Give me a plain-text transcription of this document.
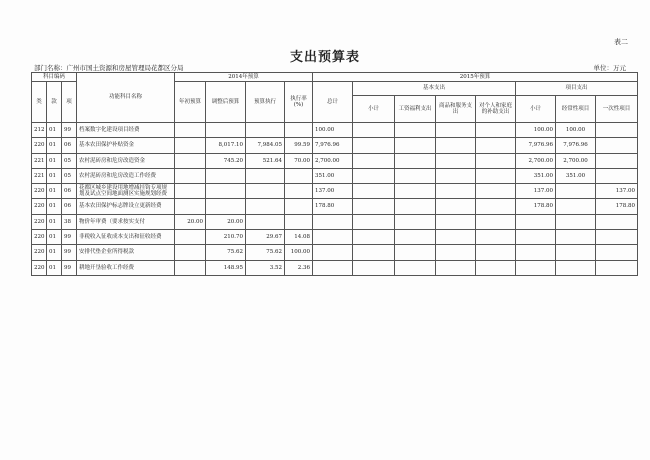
表二
支出预算表
部门名称：广州市国土资源和房屋管理局花都区分局	单位：万元
科目编码			功能科目名称	2014年预算				2015年预算							
类	款	项		年初预算	调整后预算	预算执行	执行率(%)	总计	基本支出				项目支出		
									小计	工资福利支出	商品和服务支出	对个人和家庭的补助支出	小计	经常性项目	一次性项目
212	01	99	档案数字化建设项目经费					100.00					100.00	100.00	
220	01	06	基本农田保护补贴资金		8,017.10	7,984.05	99.59	7,976.96					7,976.96	7,976.96	
221	01	05	农村泥砖房和危房改造资金		745.20	521.64	70.00	2,700.00					2,700.00	2,700.00	
221	01	05	农村泥砖房和危房改造工作经费					351.00					351.00	351.00	
220	01	06	花都区城乡建设用地增减挂钩专项规划及试点空间地面测区实施规划经费					137.00					137.00		137.00
220	01	06	基本农田保护标志牌设立更新经费					178.80					178.80		178.80
220	01	38	物价年审费（要求按实支付	20.00	20.00										
220	01	99	非税收入征收成本支出和征收经费		210.70	29.67	14.08								
220	01	99	安排代垫企业所得税款		75.62	75.62	100.00								
220	01	99	耕地开垦验收工作经费		148.95	3.52	2.36								
